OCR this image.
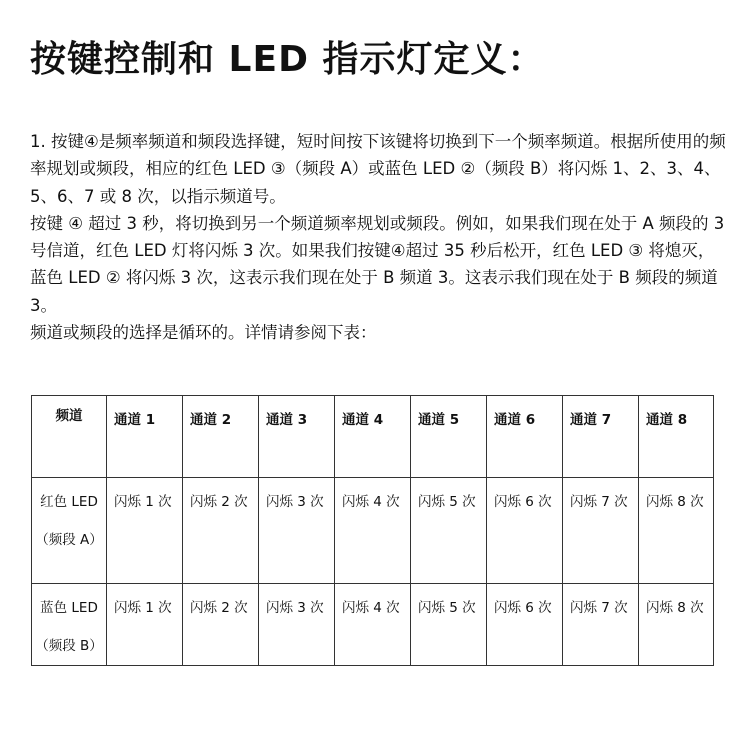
按键控制和 LED 指示灯定义：

1. 按键④是频率频道和频段选择键，短时间按下该键将切换到下一个频率频道。根据所使用的频率规划或频段，相应的红色 LED ③（频段 A）或蓝色 LED ②（频段 B）将闪烁 1、2、3、4、5、6、7 或 8 次，以指示频道号。

按键 ④ 超过 3 秒，将切换到另一个频道频率规划或频段。例如，如果我们现在处于 A 频段的 3 号信道，红色 LED 灯将闪烁 3 次。如果我们按键④超过 35 秒后松开，红色 LED ③ 将熄灭，蓝色 LED ② 将闪烁 3 次，这表示我们现在处于 B 频道 3。这表示我们现在处于 B 频段的频道 3。

频道或频段的选择是循环的。详情请参阅下表：

频道	通道 1	通道 2	通道 3	通道 4	通道 5	通道 6	通道 7	通道 8

红色 LED
（频段 A）	闪烁 1 次	闪烁 2 次	闪烁 3 次	闪烁 4 次	闪烁 5 次	闪烁 6 次	闪烁 7 次	闪烁 8 次

蓝色 LED
（频段 B）	闪烁 1 次	闪烁 2 次	闪烁 3 次	闪烁 4 次	闪烁 5 次	闪烁 6 次	闪烁 7 次	闪烁 8 次
